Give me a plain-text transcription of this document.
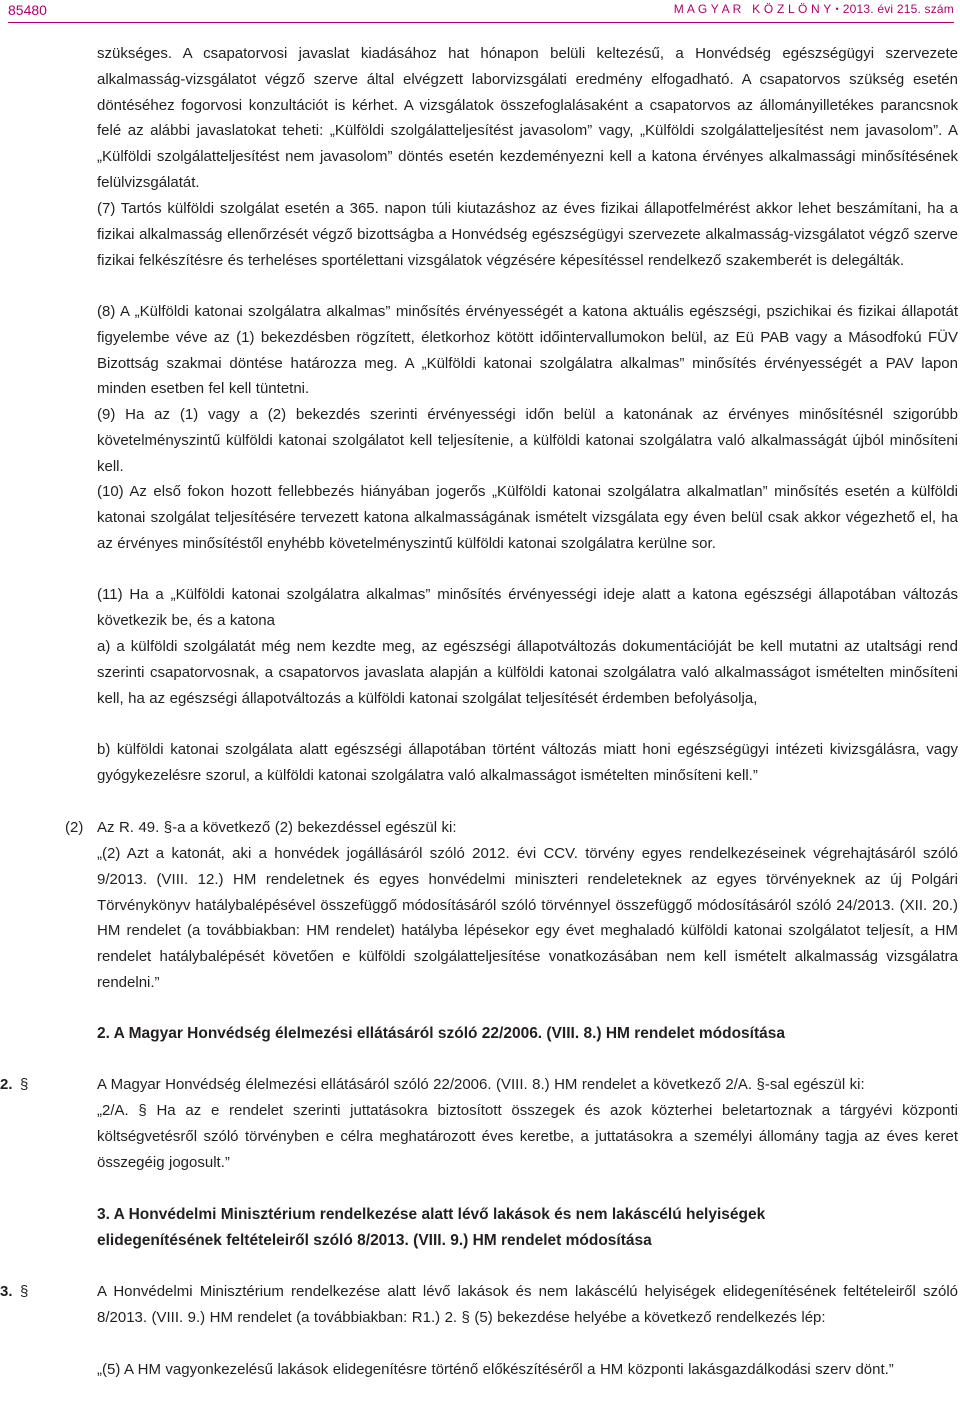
85480	M A G Y A R   K Ö Z L Ö N Y • 2013. évi 215. szám

szükséges. A csapatorvosi javaslat kiadásához hat hónapon belüli keltezésű, a Honvédség egészségügyi szervezete alkalmasság-vizsgálatot végző szerve által elvégzett laborvizsgálati eredmény elfogadható. A csapatorvos szükség esetén döntéséhez fogorvosi konzultációt is kérhet. A vizsgálatok összefoglalásaként a csapatorvos az állományilletékes parancsnok felé az alábbi javaslatokat teheti: „Külföldi szolgálatteljesítést javasolom” vagy, „Külföldi szolgálatteljesítést nem javasolom”. A „Külföldi szolgálatteljesítést nem javasolom” döntés esetén kezdeményezni kell a katona érvényes alkalmassági minősítésének felülvizsgálatát.

(7) Tartós külföldi szolgálat esetén a 365. napon túli kiutazáshoz az éves fizikai állapotfelmérést akkor lehet beszámítani, ha a fizikai alkalmasság ellenőrzését végző bizottságba a Honvédség egészségügyi szervezete alkalmasság-vizsgálatot végző szerve fizikai felkészítésre és terheléses sportélettani vizsgálatok végzésére képesítéssel rendelkező szakemberét is delegálták.

(8) A „Külföldi katonai szolgálatra alkalmas” minősítés érvényességét a katona aktuális egészségi, pszichikai és fizikai állapotát figyelembe véve az (1) bekezdésben rögzített, életkorhoz kötött időintervallumokon belül, az Eü PAB vagy a Másodfokú FÜV Bizottság szakmai döntése határozza meg. A „Külföldi katonai szolgálatra alkalmas” minősítés érvényességét a PAV lapon minden esetben fel kell tüntetni.

(9) Ha az (1) vagy a (2) bekezdés szerinti érvényességi időn belül a katonának az érvényes minősítésnél szigorúbb követelményszintű külföldi katonai szolgálatot kell teljesítenie, a külföldi katonai szolgálatra való alkalmasságát újból minősíteni kell.

(10) Az első fokon hozott fellebbezés hiányában jogerős „Külföldi katonai szolgálatra alkalmatlan” minősítés esetén a külföldi katonai szolgálat teljesítésére tervezett katona alkalmasságának ismételt vizsgálata egy éven belül csak akkor végezhető el, ha az érvényes minősítéstől enyhébb követelményszintű külföldi katonai szolgálatra kerülne sor.

(11) Ha a „Külföldi katonai szolgálatra alkalmas” minősítés érvényességi ideje alatt a katona egészségi állapotában változás következik be, és a katona

a) a külföldi szolgálatát még nem kezdte meg, az egészségi állapotváltozás dokumentációját be kell mutatni az utaltsági rend szerinti csapatorvosnak, a csapatorvos javaslata alapján a külföldi katonai szolgálatra való alkalmasságot ismételten minősíteni kell, ha az egészségi állapotváltozás a külföldi katonai szolgálat teljesítését érdemben befolyásolja,

b) külföldi katonai szolgálata alatt egészségi állapotában történt változás miatt honi egészségügyi intézeti kivizsgálásra, vagy gyógykezelésre szorul, a külföldi katonai szolgálatra való alkalmasságot ismételten minősíteni kell.”

(2) Az R. 49. §-a a következő (2) bekezdéssel egészül ki:

„(2) Azt a katonát, aki a honvédek jogállásáról szóló 2012. évi CCV. törvény egyes rendelkezéseinek végrehajtásáról szóló 9/2013. (VIII. 12.) HM rendeletnek és egyes honvédelmi miniszteri rendeleteknek az egyes törvényeknek az új Polgári Törvénykönyv hatálybalépésével összefüggő módosításáról szóló törvénnyel összefüggő módosításáról szóló 24/2013. (XII. 20.) HM rendelet (a továbbiakban: HM rendelet) hatályba lépésekor egy évet meghaladó külföldi katonai szolgálatot teljesít, a HM rendelet hatálybalépését követően e külföldi szolgálatteljesítése vonatkozásában nem kell ismételt alkalmasság vizsgálatra rendelni.”

2. A Magyar Honvédség élelmezési ellátásáról szóló 22/2006. (VIII. 8.) HM rendelet módosítása
2. §	A Magyar Honvédség élelmezési ellátásáról szóló 22/2006. (VIII. 8.) HM rendelet a következő 2/A. §-sal egészül ki:

„2/A. § Ha az e rendelet szerinti juttatásokra biztosított összegek és azok közterhei beletartoznak a tárgyévi központi költségvetésről szóló törvényben e célra meghatározott éves keretbe, a juttatásokra a személyi állomány tagja az éves keret összegéig jogosult.”

3. A Honvédelmi Minisztérium rendelkezése alatt lévő lakások és nem lakáscélú helyiségek
elidegenítésének feltételeiről szóló 8/2013. (VIII. 9.) HM rendelet módosítása
3. §	A Honvédelmi Minisztérium rendelkezése alatt lévő lakások és nem lakáscélú helyiségek elidegenítésének feltételeiről szóló 8/2013. (VIII. 9.) HM rendelet (a továbbiakban: R1.) 2. § (5) bekezdése helyébe a következő rendelkezés lép:

„(5) A HM vagyonkezelésű lakások elidegenítésre történő előkészítéséről a HM központi lakásgazdálkodási szerv dönt.”
